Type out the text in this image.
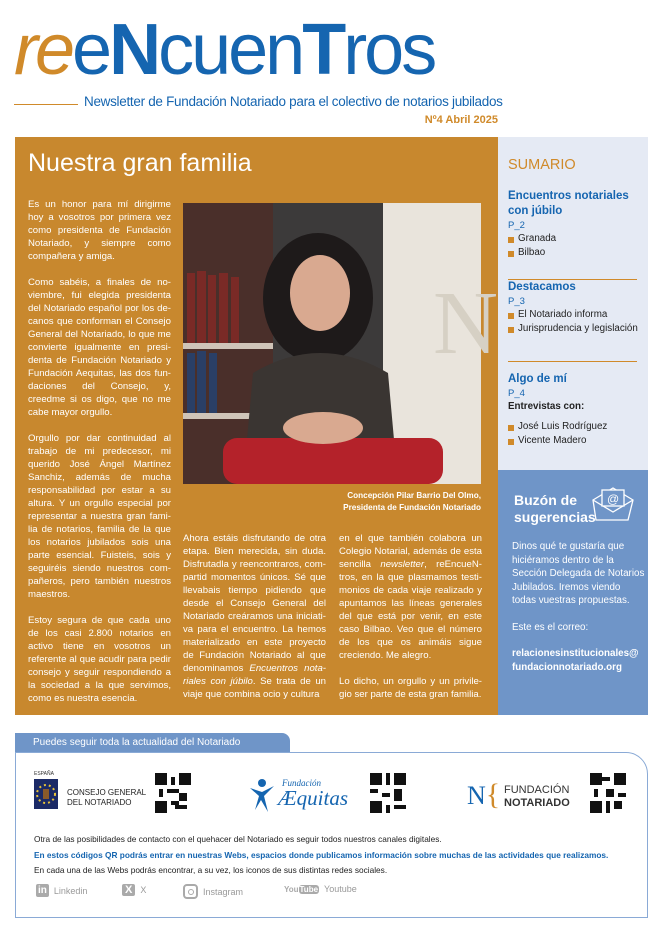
reeNcuenTros
Newsletter de Fundación Notariado para el colectivo de notarios jubilados
Nº4 Abril 2025
Nuestra gran familia

Es un honor para mí dirigirme hoy a vosotros por primera vez como presidenta de Fundación Notariado, y siempre como compañera y amiga.

Como sabéis, a finales de noviembre, fui elegida presidenta del Notariado español por los decanos que conforman el Consejo General del Notariado, lo que me convierte igualmente en presidenta de Fundación Notariado y Fundación Aequitas, las dos fundaciones del Consejo, y, creedme si os digo, que no me cabe mayor orgullo.

Orgullo por dar continuidad al trabajo de mi predecesor, mi querido José Ángel Martínez Sanchiz, además de mucha responsabilidad por estar a su altura. Y un orgullo especial por representar a nuestra gran familia de notarios, familia de la que los notarios jubilados sois una parte esencial. Fuisteis, sois y seguiréis siendo nuestros compañeros, pero también nuestros maestros.

Estoy segura de que cada uno de los casi 2.800 notarios en activo tiene en vosotros un referente al que acudir para pedir consejo y seguir respondiendo a la sociedad a la que servimos, como es nuestra esencia.

N
Concepción Pilar Barrio Del Olmo,
Presidenta de Fundación Notariado

Ahora estáis disfrutando de otra etapa. Bien merecida, sin duda. Disfrutadla y reencontraros, compartid momentos únicos. Sé que llevabais tiempo pidiendo que desde el Consejo General del Notariado creáramos una iniciativa para el encuentro. La hemos materializado en este proyecto de Fundación Notariado al que denominamos Encuentros notariales con júbilo. Se trata de un viaje que combina ocio y cultura

en el que también colabora un Colegio Notarial, además de esta sencilla newsletter, reEncueNtros, en la que plasmamos testimonios de cada viaje realizado y apuntamos las líneas generales del que está por venir, en este caso Bilbao. Veo que el número de los que os animáis sigue creciendo. Me alegro.

Lo dicho, un orgullo y un privilegio ser parte de esta gran familia.

SUMARIO
Encuentros notariales con júbilo
P_2
Granada
Bilbao
Destacamos
P_3
El Notariado informa
Jurisprudencia y legislación
Algo de mí
P_4
Entrevistas con:
José Luis Rodríguez
Vicente Madero
Buzón de
sugerencias
@

Dinos qué te gustaría que hiciéramos dentro de la Sección Delegada de Notarios Jubilados. Iremos viendo todas vuestras propuestas.

Este es el correo:

relacionesinstitucionales@
fundacionnotariado.org
Puedes seguir toda la actualidad del Notariado
ESPAÑA
CONSEJO GENERAL
DEL NOTARIADO
Fundación
Æquitas	N{ FUNDACIÓN
NOTARIADO
Otra de las posibilidades de contacto con el quehacer del Notariado es seguir todos nuestros canales digitales.
En estos códigos QR podrás entrar en nuestras Webs, espacios donde publicamos información sobre muchas de las actividades que realizamos.
En cada una de las Webs podrás encontrar, a su vez, los iconos de sus distintas redes sociales.
in Linkedin	X X	Instagram	YouTube Youtube
